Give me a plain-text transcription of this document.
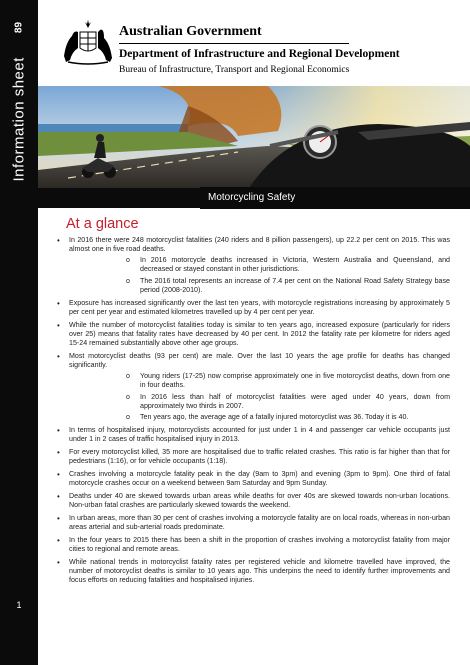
89
Information sheet
1
Australian Government
Department of Infrastructure and Regional Development
Bureau of Infrastructure, Transport and Regional Economics
Motorcycling Safety
At a glance
• In 2016 there were 248 motorcyclist fatalities (240 riders and 8 pillion passengers), up 22.2 per cent on 2015. This was almost one in five road deaths.
o In 2016 motorcycle deaths increased in Victoria, Western Australia and Queensland, and decreased or stayed constant in other jurisdictions.
o The 2016 total represents an increase of 7.4 per cent on the National Road Safety Strategy base period (2008-2010).
• Exposure has increased significantly over the last ten years, with motorcycle registrations increasing by approximately 5 per cent per year and estimated kilometres travelled up by 4 per cent per year.
• While the number of motorcyclist fatalities today is similar to ten years ago, increased exposure (particularly for riders over 25) means that fatality rates have decreased by 40 per cent. In 2012 the fatality rate per kilometre for riders aged 15-24 remained substantially above other age groups.
• Most motorcyclist deaths (93 per cent) are male. Over the last 10 years the age profile for deaths has changed significantly.
o Young riders (17-25) now comprise approximately one in five motorcyclist deaths, down from one in four deaths.
o In 2016 less than half of motorcyclist fatalities were aged under 40 years, down from approximately two thirds in 2007.
o Ten years ago, the average age of a fatally injured motorcyclist was 36. Today it is 40.
• In terms of hospitalised injury, motorcyclists accounted for just under 1 in 4 and passenger car vehicle occupants just under 1 in 2 cases of traffic hospitalised injury in 2013.
• For every motorcyclist killed, 35 more are hospitalised due to traffic related crashes. This ratio is far higher than that for pedestrians (1:16), or for vehicle occupants (1:18).
• Crashes involving a motorcycle fatality peak in the day (9am to 3pm) and evening (3pm to 9pm). One third of fatal motorcycle crashes occur on a weekend between 9am Saturday and 9pm Sunday.
• Deaths under 40 are skewed towards urban areas while deaths for over 40s are skewed towards non-urban locations. Non-urban fatal crashes are particularly skewed towards the weekend.
• In urban areas, more than 30 per cent of crashes involving a motorcycle fatality are on local roads, whereas in non-urban areas arterial and sub-arterial roads predominate.
• In the four years to 2015 there has been a shift in the proportion of crashes involving a motorcyclist fatality from major cities to regional and remote areas.
• While national trends in motorcyclist fatality rates per registered vehicle and kilometre travelled have improved, the number of motorcyclist deaths is similar to 10 years ago. This underpins the need to identify further improvements and focus efforts on reducing fatalities and hospitalised injuries.
